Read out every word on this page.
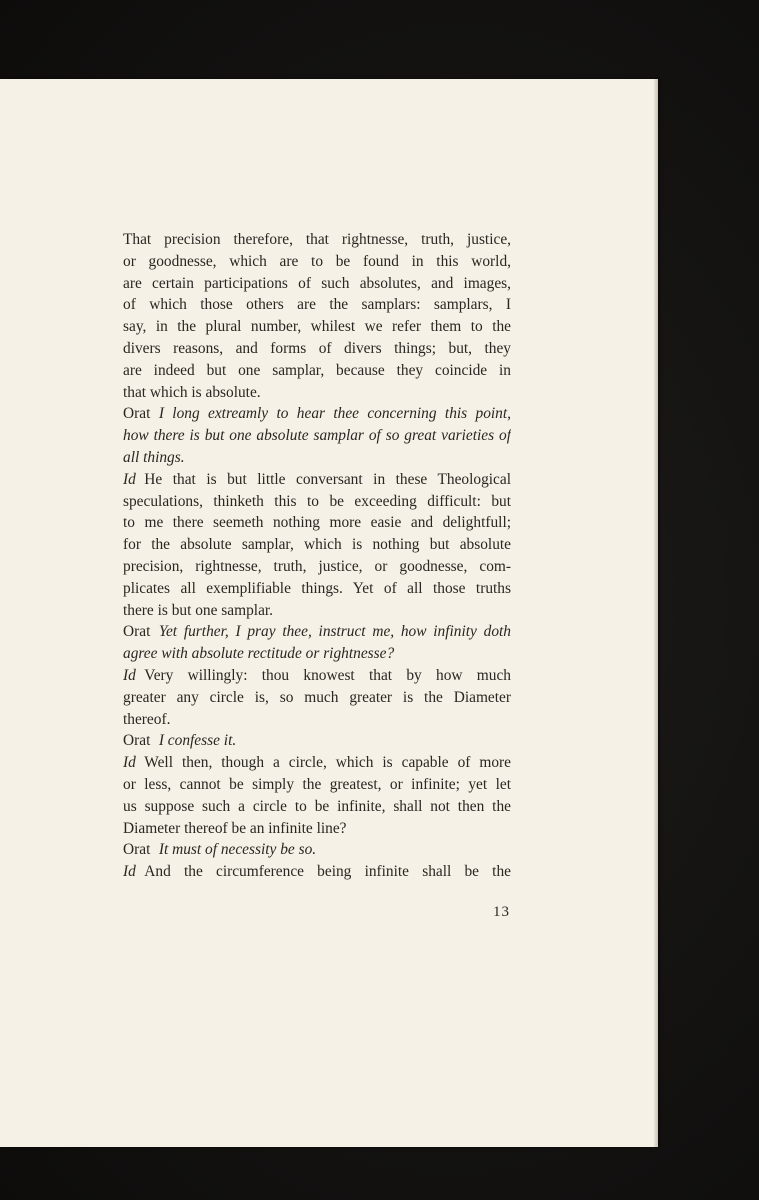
That precision therefore, that rightnesse, truth, justice,
or goodnesse, which are to be found in this world,
are certain participations of such absolutes, and images,
of which those others are the samplars: samplars, I
say, in the plural number, whilest we refer them to the
divers reasons, and forms of divers things; but, they
are indeed but one samplar, because they coincide in
that which is absolute.
Orat I long extreamly to hear thee concerning this point,
how there is but one absolute samplar of so great varieties of
all things.
Id He that is but little conversant in these Theological
speculations, thinketh this to be exceeding difficult: but
to me there seemeth nothing more easie and delightfull;
for the absolute samplar, which is nothing but absolute
precision, rightnesse, truth, justice, or goodnesse, com-
plicates all exemplifiable things. Yet of all those truths
there is but one samplar.
Orat Yet further, I pray thee, instruct me, how infinity doth
agree with absolute rectitude or rightnesse?
Id Very willingly: thou knowest that by how much
greater any circle is, so much greater is the Diameter
thereof.
Orat I confesse it.
Id Well then, though a circle, which is capable of more
or less, cannot be simply the greatest, or infinite; yet let
us suppose such a circle to be infinite, shall not then the
Diameter thereof be an infinite line?
Orat It must of necessity be so.
Id And the circumference being infinite shall be the
13
